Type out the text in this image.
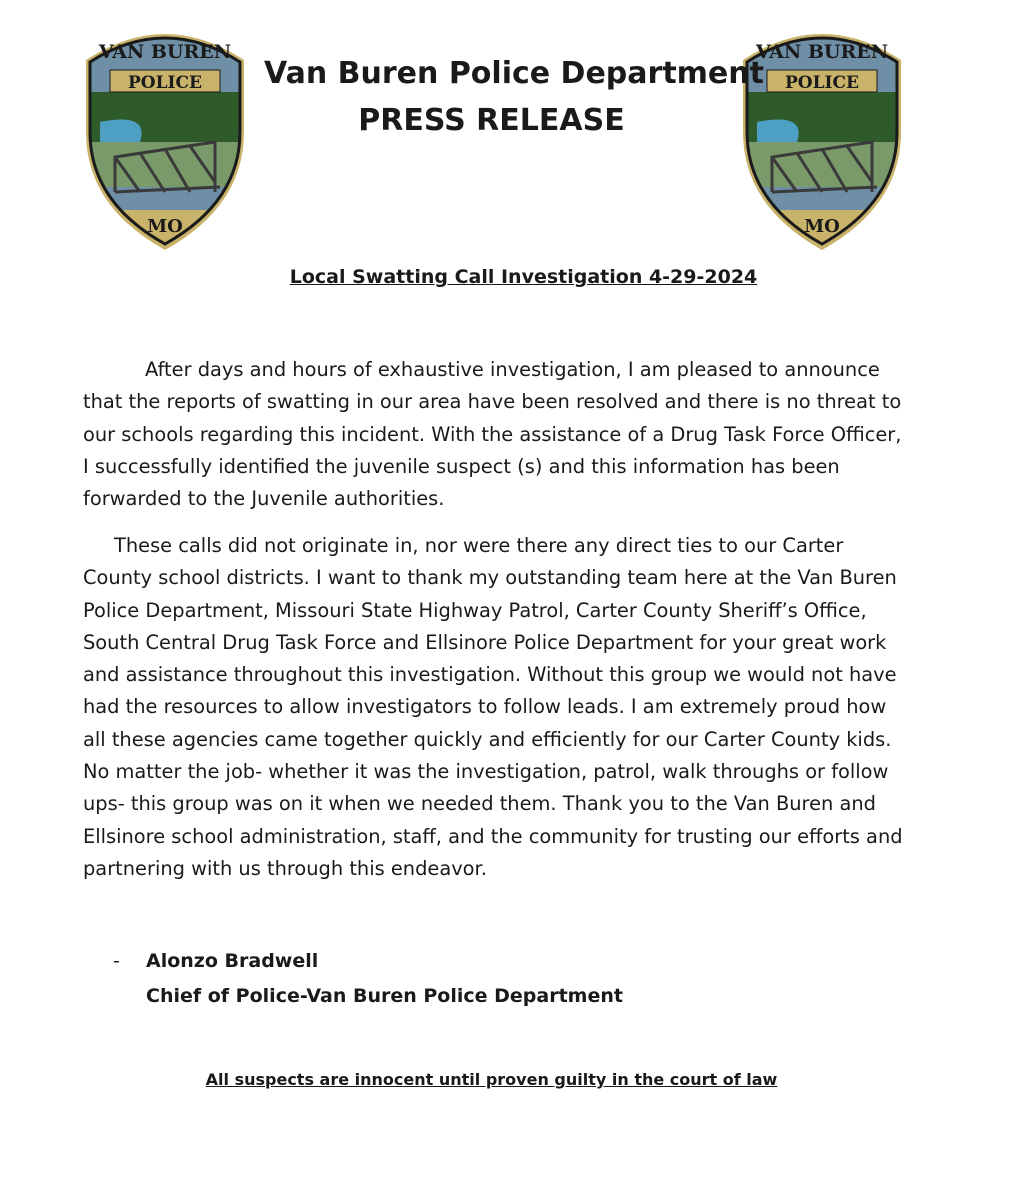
VAN BUREN
POLICE
MO
VAN BUREN
POLICE
MO
Van Buren Police Department
PRESS RELEASE

Local Swatting Call Investigation 4-29-2024

After days and hours of exhaustive investigation, I am pleased to announce that the reports of swatting in our area have been resolved and there is no threat to our schools regarding this incident. With the assistance of a Drug Task Force Officer, I successfully identified the juvenile suspect (s) and this information has been forwarded to the Juvenile authorities.

These calls did not originate in, nor were there any direct ties to our Carter County school districts. I want to thank my outstanding team here at the Van Buren Police Department, Missouri State Highway Patrol, Carter County Sheriff’s Office, South Central Drug Task Force and Ellsinore Police Department for your great work and assistance throughout this investigation. Without this group we would not have had the resources to allow investigators to follow leads. I am extremely proud how all these agencies came together quickly and efficiently for our Carter County kids. No matter the job- whether it was the investigation, patrol, walk throughs or follow ups- this group was on it when we needed them. Thank you to the Van Buren and Ellsinore school administration, staff, and the community for trusting our efforts and partnering with us through this endeavor.

- Alonzo Bradwell
Chief of Police-Van Buren Police Department

All suspects are innocent until proven guilty in the court of law
